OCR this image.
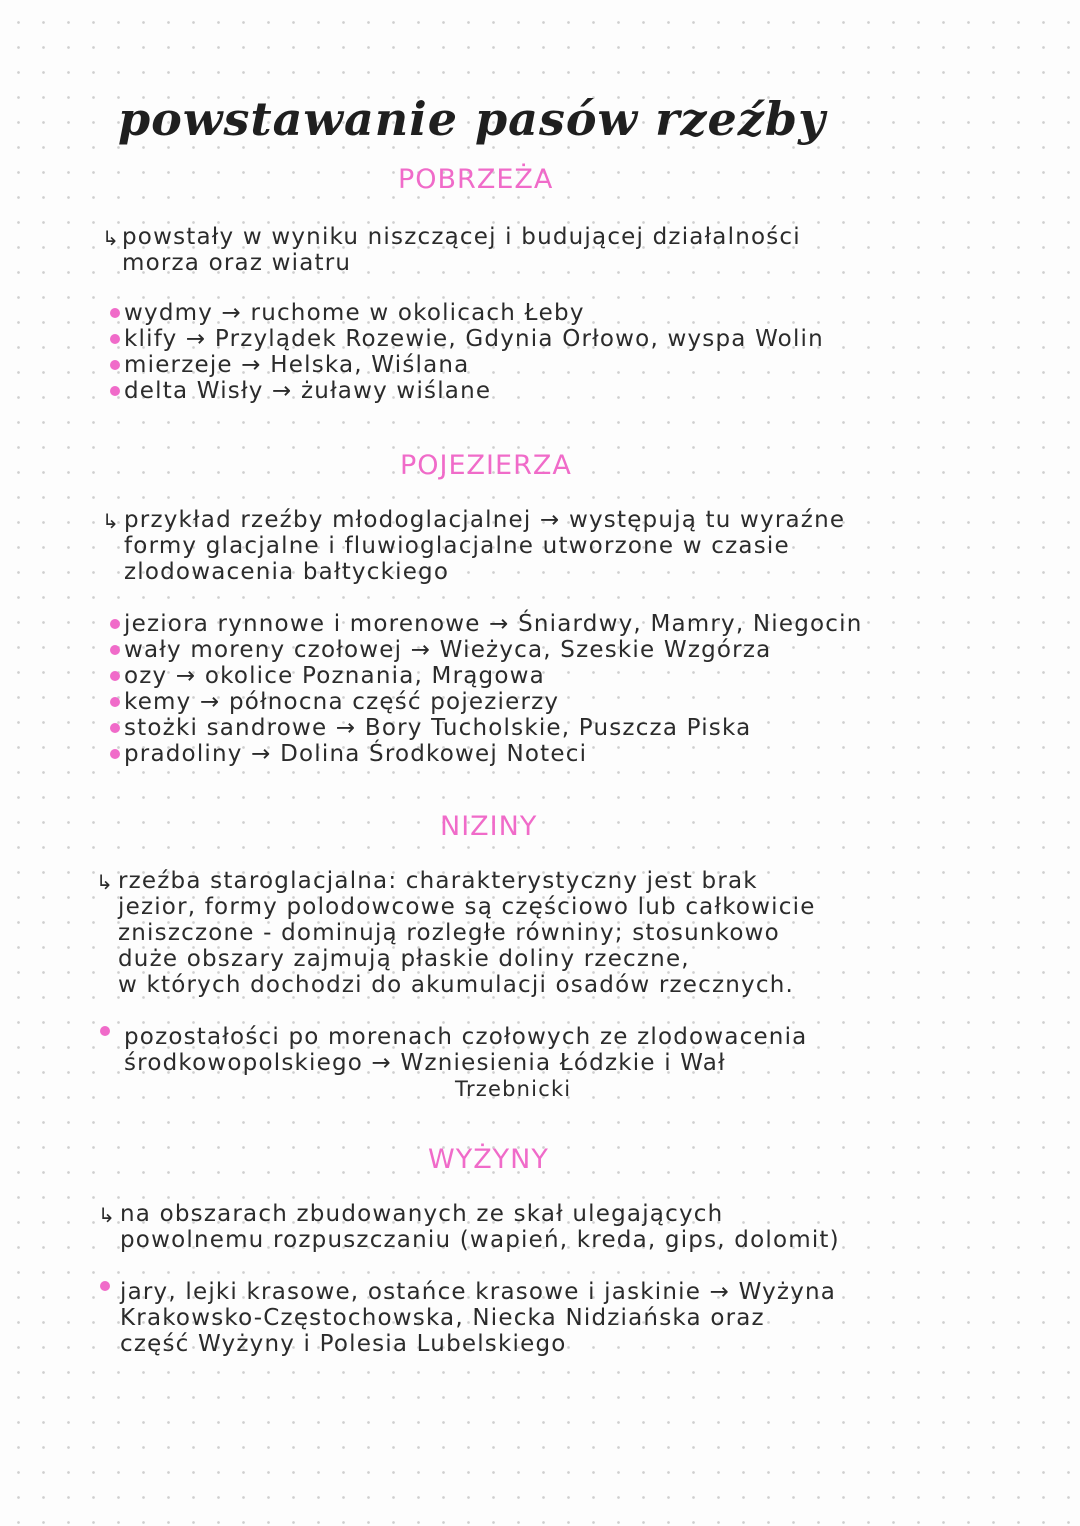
powstawanie pasów rzeźby
POBRZEŻA
↳ powstały w wyniku niszczącej i budującej działalności
morza oraz wiatru
wydmy → ruchome w okolicach Łeby
klify → Przylądek Rozewie, Gdynia Orłowo, wyspa Wolin
mierzeje → Helska, Wiślana
delta Wisły → żuławy wiślane
POJEZIERZA
↳ przykład rzeźby młodoglacjalnej → występują tu wyraźne
formy glacjalne i fluwioglacjalne utworzone w czasie
zlodowacenia bałtyckiego
jeziora rynnowe i morenowe → Śniardwy, Mamry, Niegocin
wały moreny czołowej → Wieżyca, Szeskie Wzgórza
ozy → okolice Poznania, Mrągowa
kemy → północna część pojezierzy
stożki sandrowe → Bory Tucholskie, Puszcza Piska
pradoliny → Dolina Środkowej Noteci
NIZINY
↳ rzeźba staroglacjalna: charakterystyczny jest brak
jezior, formy polodowcowe są częściowo lub całkowicie
zniszczone - dominują rozległe równiny; stosunkowo
duże obszary zajmują płaskie doliny rzeczne,
w których dochodzi do akumulacji osadów rzecznych.
pozostałości po morenach czołowych ze zlodowacenia
środkowopolskiego → Wzniesienia Łódzkie i Wał
Trzebnicki
WYŻYNY
↳ na obszarach zbudowanych ze skał ulegających
powolnemu rozpuszczaniu (wapień, kreda, gips, dolomit)
jary, lejki krasowe, ostańce krasowe i jaskinie → Wyżyna
Krakowsko-Częstochowska, Niecka Nidziańska oraz
część Wyżyny i Polesia Lubelskiego
